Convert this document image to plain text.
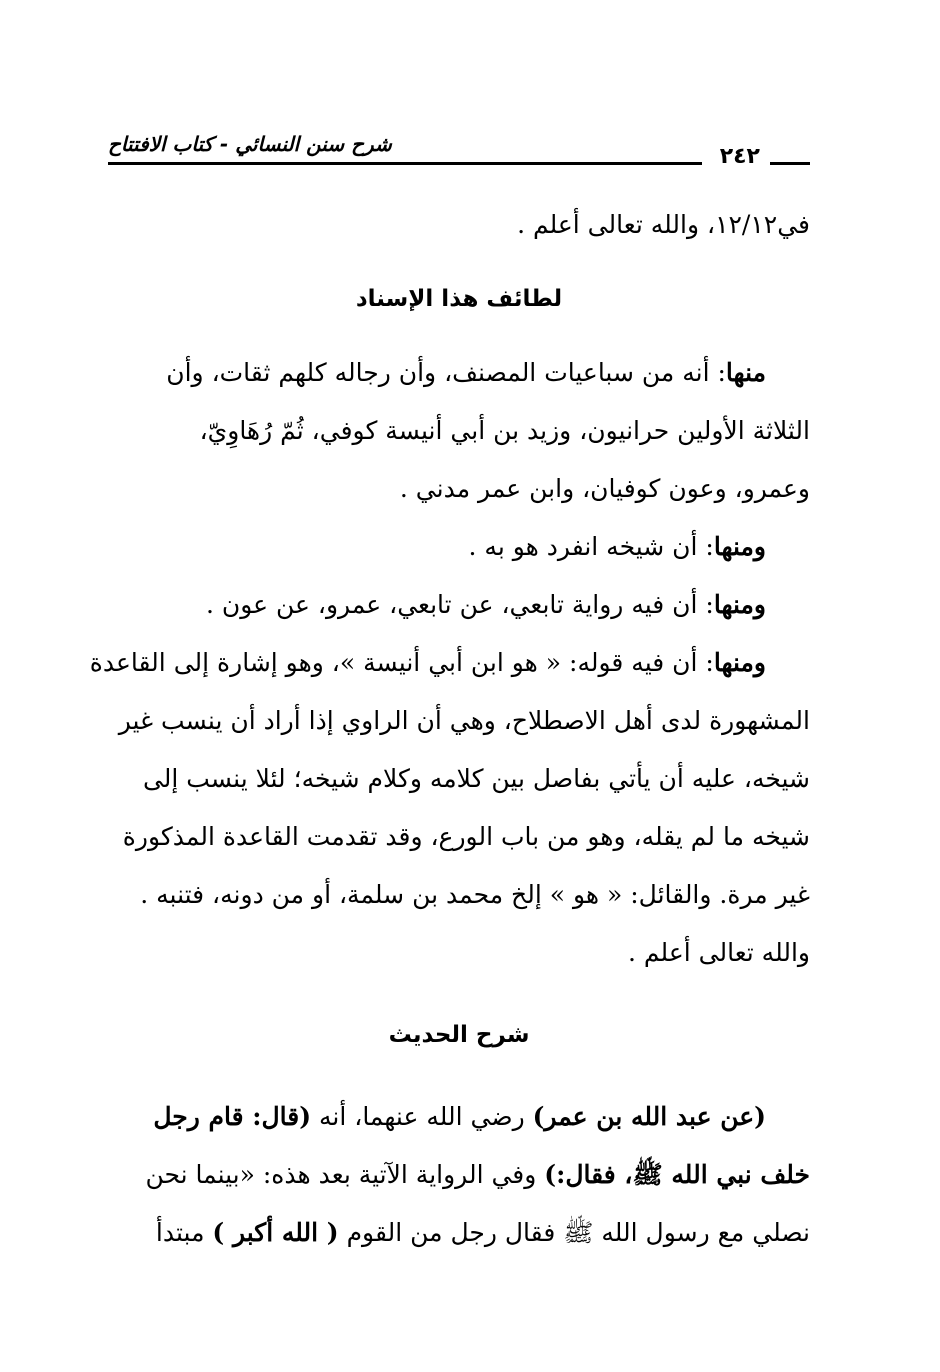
شرح سنن النسائي - كتاب الافتتاح	٢٤٢
في١٢/١٢، والله تعالى أعلم .
لطائف هذا الإسناد
منها: أنه من سباعيات المصنف، وأن رجاله كلهم ثقات، وأن
الثلاثة الأولين حرانيون، وزيد بن أبي أنيسة كوفي، ثُمّ رُهَاوِيّ،
وعمرو، وعون كوفيان، وابن عمر مدني .
ومنها: أن شيخه انفرد هو به .
ومنها: أن فيه رواية تابعي، عن تابعي، عمرو، عن عون .
ومنها: أن فيه قوله: « هو ابن أبي أنيسة »، وهو إشارة إلى القاعدة
المشهورة لدى أهل الاصطلاح، وهي أن الراوي إذا أراد أن ينسب غير
شيخه، عليه أن يأتي بفاصل بين كلامه وكلام شيخه؛ لئلا ينسب إلى
شيخه ما لم يقله، وهو من باب الورع، وقد تقدمت القاعدة المذكورة
غير مرة. والقائل: « هو » إلخ محمد بن سلمة، أو من دونه، فتنبه .
والله تعالى أعلم .
شرح الحديث
(عن عبد الله بن عمر) رضي الله عنهما، أنه (قال: قام رجل
خلف نبي الله ﷺ، فقال:) وفي الرواية الآتية بعد هذه: «بينما نحن
نصلي مع رسول الله ﷺ فقال رجل من القوم ( الله أكبر ) مبتدأ
